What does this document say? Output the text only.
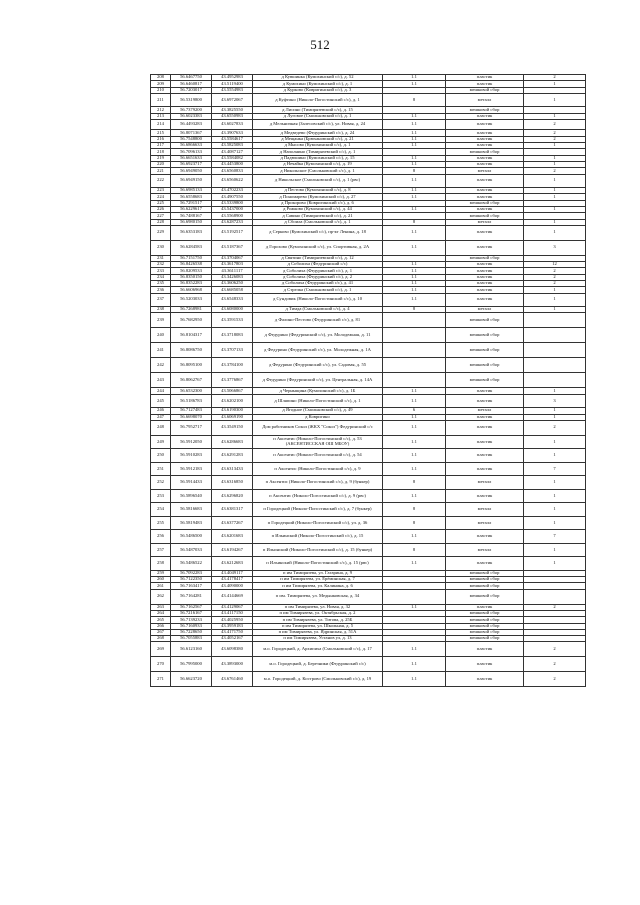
512
208	56.6467750	43.4952983	д Кувшинка (Кумохинский с/с), д. 52	1.1	пластик	2
209	56.6460817	43.5119400	д Кумохино (Кумохинский с/с), д. 1	1.1	пластик	1
210	56.7203017	43.5554983	д Курково (Ковригинский с/с), д. 3		мешковой сбор	
211	56.5319800	43.6972067	д Куфтино (Николо-Погостинский с/с), д. 1	8	металл	1
212	56.7379200	43.3825550	д Лисино (Тимирязевский с/с), д. 15		мешковой сбор	
213	56.6023383	43.6550983	д Луговое (Смольковский с/с), д. 1	1.1	пластик	1
214	56.4493283	43.6027833	д Мельничная (Залесовский с/с), ул. Новая, д. 24	1.1	пластик	2
215	56.8071367	43.3907633	д Медведево (Федуринский с/с), д. 24	1.1	пластик	2
216	56.7548800	43.5584617	д Мещанка (Брюхановский с/с), д. 21	1.1	пластик	2
217	56.6866633	43.5825083	д Мысово (Кумохинский с/с), д. 1	1.1	пластик	1
218	56.7096133	43.4087127	д Наполнино (Тимирязевский с/с), д. 1		мешковой сбор	
219	56.6651633	43.5584082	д Падюшино (Кумохинский с/с), д. 15	1.1	пластик	1
220	56.6923717	43.4453800	д Нечайка (Кумохинский с/с), д. 19	1.1	пластик	1
221	56.6949050	43.6560833	д Никольское (Смольковский с/с), д. 1	8	металл	2
222	56.6949150	43.6560622	д Никольское (Смольковский с/с), д. 1 (рвс)	1.1	пластик	1
223	56.6985133	43.4702233	д Пестово (Кумохинский с/с), д. 8	1.1	пластик	1
224	56.6558683	43.4907550	д Пономарево (Кумохинский с/с), д. 27	1.1	пластик	1
225	56.7291517	43.5339800	д Прокорово (Ковригинский с/с), д. 6		мешковой сбор	
226	56.6229617	43.5437000	д Рожково (Кумохинский с/с), д. 44	1.1	пластик	1
227	56.7488167	43.5568900	д Савино (Тимирязевский с/с), д. 21		мешковой сбор	
228	56.6980150	43.6287233	д Сбоила (Смольковский с/с), д. 1	8	металл	1
229	56.6353183	43.5192517	д Серково (Кумохинский с/с), пр-кт Ленина, д. 18	1.1	пластик	1
230	56.6284583	43.5187367	д Горохово (Кумохинский с/с), ул. Спортивная, д. 2А	1.1	пластик	3
231	56.7151750	43.3704067	д Святино (Тимирязевский с/с), д. 12		мешковой сбор	
232	56.8426538	43.3617803	д Соболиха (Федуринский с/с)	1.1	пластик	12
233	56.8209533	43.3611117	д Соболиха (Федуринский с/с), д. 1	1.1	пластик	2
234	56.8350150	43.3426083	д Соболиха (Федуринский с/с), д. 2	1.1	пластик	2
235	56.8352283	43.3606250	д Соболиха (Федуринский с/с), д. 41	1.1	пластик	2
236	56.6606968	43.6685058	д Стрелка (Смольковский с/с), д. 1	1.1	пластик	1
237	56.5203033	43.6548333	д Сундовик (Николо-Погостинский с/с), д. 10	1.1	пластик	1
238	56.7268981	43.6080000	д Тимда (Смольковский с/с), д. 4	8	металл	1
239	56.7682950	43.3591533	д Фалино-Пестово (Федуринский с/с), д. 81		мешковой сбор	
240	56.8104317	43.3718083	д Федурино (Федуринский с/с), ул. Молодежная, д. 11		мешковой сбор	
241	56.8086750	43.3707133	д Федурино (Федуринский с/с), ул. Молодежная, д. 1А		мешковой сбор	
242	56.8095100	43.3784100	д Федурино (Федуринский с/с), ул. Садовая, д. 55		мешковой сбор	
243	56.8062767	43.3776867	д Федурино (Федуринский с/с), ул. Центральная, д. 14А		мешковой сбор	
244	56.6532300	43.5066867	д Черныщина (Кумохинский с/с), д. 1Б	1.1	пластик	1
245	56.5186783	43.6202100	д Шляпино (Николо-Погостинский с/с), д. 1	1.1	пластик	3
246	56.7127483	43.6190300	д Ягодное (Смольковский с/с), д. 49	6	металл	1
247	56.6698070	43.6069190	д Ковригино	1.1	пластик	1
248	56.7952717	43.3549150	Дом работников Сокол (ЖКХ "Сокол") Федуринский с/с	1.1	пластик	2
249	56.5912050	43.6286683	п Аксентис (Николо-Погостинский с/с), д. 53 (АКСЕНТИССКАЯ ОШ МБОУ)	1.1	пластик	1
250	56.5910283	43.6291283	п Аксентис (Николо-Погостинский с/с), д. 54	1.1	пластик	1
251	56.5912183	43.6313433	п Аксентис (Николо-Погостинский с/с), д. 9	1.1	пластик	7
252	56.5914433	43.6316850	п Аксентис (Николо-Погостинский с/с), д. 9 (бункер)	8	металл	1
253	56.5896540	43.6296820	п Аксентис (Николо-Погостинский с/с), д. 9 (рвс)	1.1	пластик	1
254	56.5816683	43.6381317	п Городецкий (Николо-Погостинский с/с), д. 7 (бункер)	8	металл	1
255	56.5819483	43.6377267	п Городецкий (Николо-Погостинский с/с), ул. д. 36	8	металл	1
256	56.5486500	43.6201683	п Ильинский (Николо-Погостинский с/с), д. 15	1.1	пластик	7
257	56.5487033	43.6194267	п Ильинский (Николо-Погостинский с/с), д. 15 (бункер)	8	металл	1
258	56.5486522	43.6212683	п Ильинский (Николо-Погостинский с/с), д. 15 (рвс)	1.1	пластик	1
259	56.7092283	43.4049117	п им Тимирязева, ул. Гагарина, д. 9		мешковой сбор	
260	56.7122350	43.4178417	п им Тимирязева, ул. Ерёминская, д. 7		мешковой сбор	
261	56.7163417	43.4090000	п им Тимирязева, ул. Калинина, д. 6		мешковой сбор	
262	56.7164281	43.4144669	п им. Тимирязева, ул. Медынковская, д. 34		мешковой сбор	
263	56.7162567	43.4129067	п им Тимирязева, ул. Новая, д. 32	1.1	пластик	2
264	56.7216167	43.4117150	п им Тимирязева, ул. Октябрьская, д. 2		мешковой сбор	
265	56.7139233	43.4025950	п им Тимирязева, ул. Титова, д. 25Б		мешковой сбор	
266	56.7160933	43.3959183	п им Тимирязева, ул. Школьная, д. 5		мешковой сбор	
267	56.7228650	43.4171750	п им Тимирязева, ул. Ядринская, д. 51А		мешковой сбор	
268	56.7055883	43.4052167	п им Тимирязева, Установ ул, д. 13		мешковой сбор	
269	56.6123160	43.6098380	м.о. Городецкий, д. Архипиха (Смольковский с/с), д. 17	1.1	пластик	2
270	56.7995000	43.3893000	м.о. Городецкий, д. Березники (Федуринский с/с)	1.1	пластик	2
271	56.6623720	43.6761460	м.о. Городецкий, д. Кострово (Смольковский с/с), д. 19	1.1	пластик	2
